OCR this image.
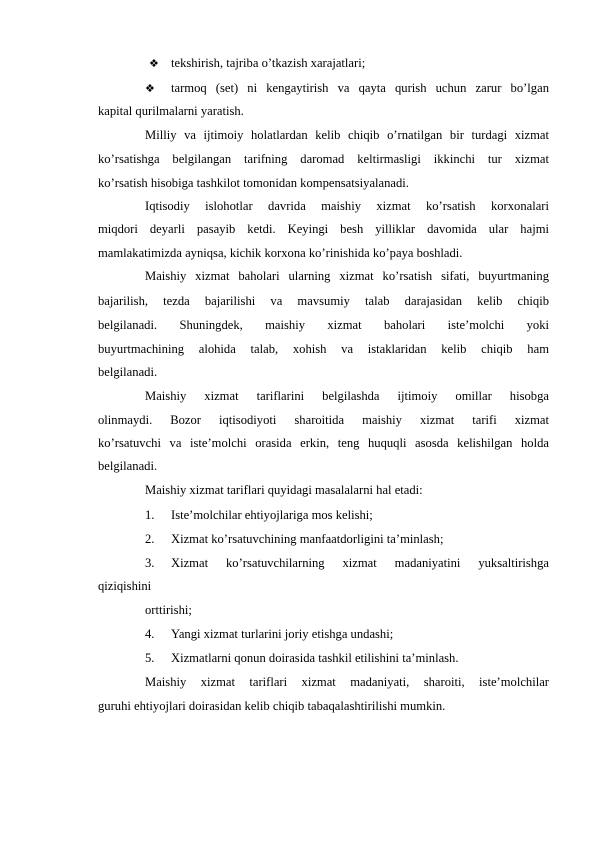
❖ tekshirish, tajriba o’tkazish xarajatlari;
❖ tarmoq (set) ni kengaytirish va qayta qurish uchun zarur bo’lgan
kapital qurilmalarni yaratish.
Milliy va ijtimoiy holatlardan kelib chiqib o’rnatilgan bir turdagi xizmat
ko’rsatishga belgilangan tarifning daromad keltirmasligi ikkinchi tur xizmat
ko’rsatish hisobiga tashkilot tomonidan kompensatsiyalanadi.
Iqtisodiy islohotlar davrida maishiy xizmat ko’rsatish korxonalari
miqdori deyarli pasayib ketdi. Keyingi besh yilliklar davomida ular hajmi
mamlakatimizda ayniqsa, kichik korxona ko’rinishida ko’paya boshladi.
Maishiy xizmat baholari ularning xizmat ko’rsatish sifati, buyurtmaning
bajarilish, tezda bajarilishi va mavsumiy talab darajasidan kelib chiqib
belgilanadi. Shuningdek, maishiy xizmat baholari iste’molchi yoki
buyurtmachining alohida talab, xohish va istaklaridan kelib chiqib ham
belgilanadi.
Maishiy xizmat tariflarini belgilashda ijtimoiy omillar hisobga
olinmaydi. Bozor iqtisodiyoti sharoitida maishiy xizmat tarifi xizmat
ko’rsatuvchi va iste’molchi orasida erkin, teng huquqli asosda kelishilgan holda
belgilanadi.
Maishiy xizmat tariflari quyidagi masalalarni hal etadi:
1.	Iste’molchilar ehtiyojlariga mos kelishi;
2.	Xizmat ko’rsatuvchining manfaatdorligini ta’minlash;
3.	Xizmat ko’rsatuvchilarning xizmat madaniyatini yuksaltirishga
qiziqishini
orttirishi;
4.	Yangi xizmat turlarini joriy etishga undashi;
5.	Xizmatlarni qonun doirasida tashkil etilishini ta’minlash.
Maishiy xizmat tariflari xizmat madaniyati, sharoiti, iste’molchilar
guruhi ehtiyojlari doirasidan kelib chiqib tabaqalashtirilishi mumkin.
